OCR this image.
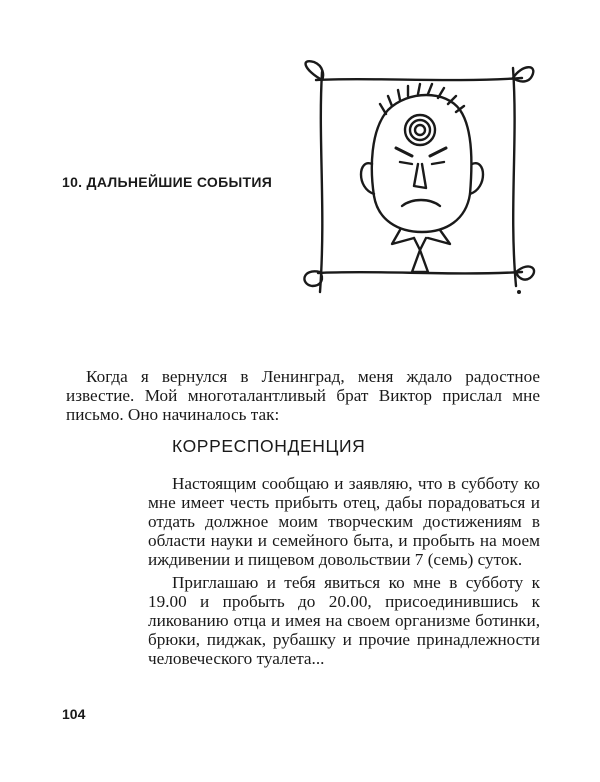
10. ДАЛЬНЕЙШИЕ СОБЫТИЯ

Когда я вернулся в Ленинград, меня ждало радостное известие. Мой многоталантливый брат Виктор прислал мне письмо. Оно начиналось так:

КОРРЕСПОНДЕНЦИЯ

Настоящим сообщаю и заявляю, что в субботу ко мне имеет честь прибыть отец, дабы порадоваться и отдать должное моим творческим достижениям в области науки и семейного быта, и пробыть на моем иждивении и пищевом довольствии 7 (семь) суток.

Приглашаю и тебя явиться ко мне в субботу к 19.00 и пробыть до 20.00, присоединившись к ликованию отца и имея на своем организме ботинки, брюки, пиджак, рубашку и прочие принадлежности человеческого туалета...

104
